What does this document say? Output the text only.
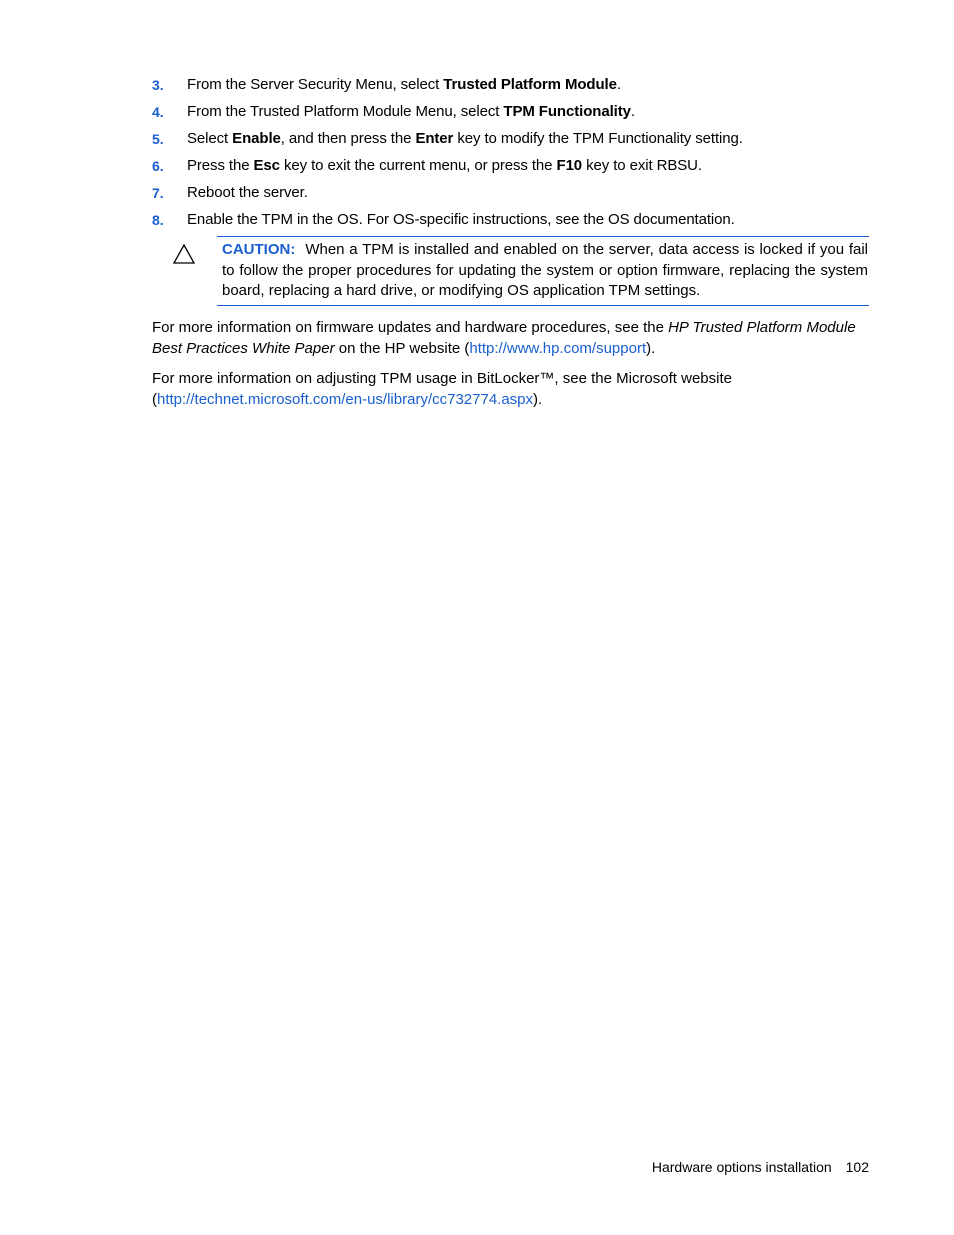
3. From the Server Security Menu, select Trusted Platform Module.
4. From the Trusted Platform Module Menu, select TPM Functionality.
5. Select Enable, and then press the Enter key to modify the TPM Functionality setting.
6. Press the Esc key to exit the current menu, or press the F10 key to exit RBSU.
7. Reboot the server.
8. Enable the TPM in the OS. For OS-specific instructions, see the OS documentation.
CAUTION: When a TPM is installed and enabled on the server, data access is locked if you fail to follow the proper procedures for updating the system or option firmware, replacing the system board, replacing a hard drive, or modifying OS application TPM settings.
For more information on firmware updates and hardware procedures, see the HP Trusted Platform Module Best Practices White Paper on the HP website (http://www.hp.com/support).
For more information on adjusting TPM usage in BitLocker™, see the Microsoft website (http://technet.microsoft.com/en-us/library/cc732774.aspx).
Hardware options installation 102
